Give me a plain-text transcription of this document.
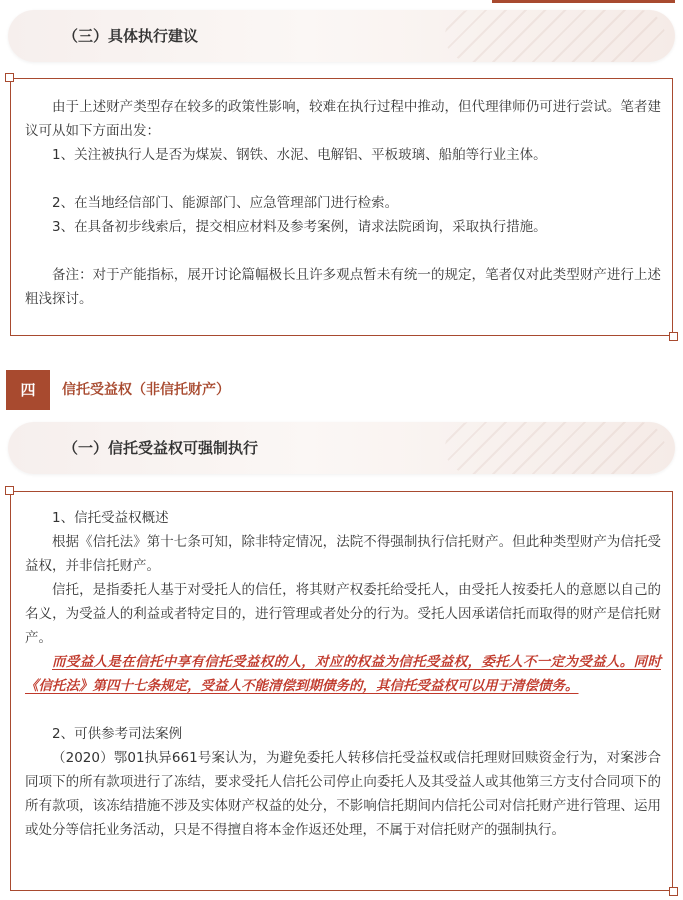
（三）具体执行建议

由于上述财产类型存在较多的政策性影响，较难在执行过程中推动，但代理律师仍可进行尝试。笔者建议可从如下方面出发：

1、关注被执行人是否为煤炭、钢铁、水泥、电解铝、平板玻璃、船舶等行业主体。

2、在当地经信部门、能源部门、应急管理部门进行检索。

3、在具备初步线索后，提交相应材料及参考案例，请求法院函询，采取执行措施。

备注：对于产能指标，展开讨论篇幅极长且许多观点暂未有统一的规定，笔者仅对此类型财产进行上述粗浅探讨。

四	信托受益权（非信托财产）
（一）信托受益权可强制执行

1、信托受益权概述

根据《信托法》第十七条可知，除非特定情况，法院不得强制执行信托财产。但此种类型财产为信托受益权，并非信托财产。

信托，是指委托人基于对受托人的信任，将其财产权委托给受托人，由受托人按委托人的意愿以自己的名义，为受益人的利益或者特定目的，进行管理或者处分的行为。受托人因承诺信托而取得的财产是信托财产。

而受益人是在信托中享有信托受益权的人，对应的权益为信托受益权，委托人不一定为受益人。同时《信托法》第四十七条规定，受益人不能清偿到期债务的，其信托受益权可以用于清偿债务。

2、可供参考司法案例

（2020）鄂01执异661号案认为，为避免委托人转移信托受益权或信托理财回赎资金行为，对案涉合同项下的所有款项进行了冻结，要求受托人信托公司停止向委托人及其受益人或其他第三方支付合同项下的所有款项，该冻结措施不涉及实体财产权益的处分，不影响信托期间内信托公司对信托财产进行管理、运用或处分等信托业务活动，只是不得擅自将本金作返还处理，不属于对信托财产的强制执行。
